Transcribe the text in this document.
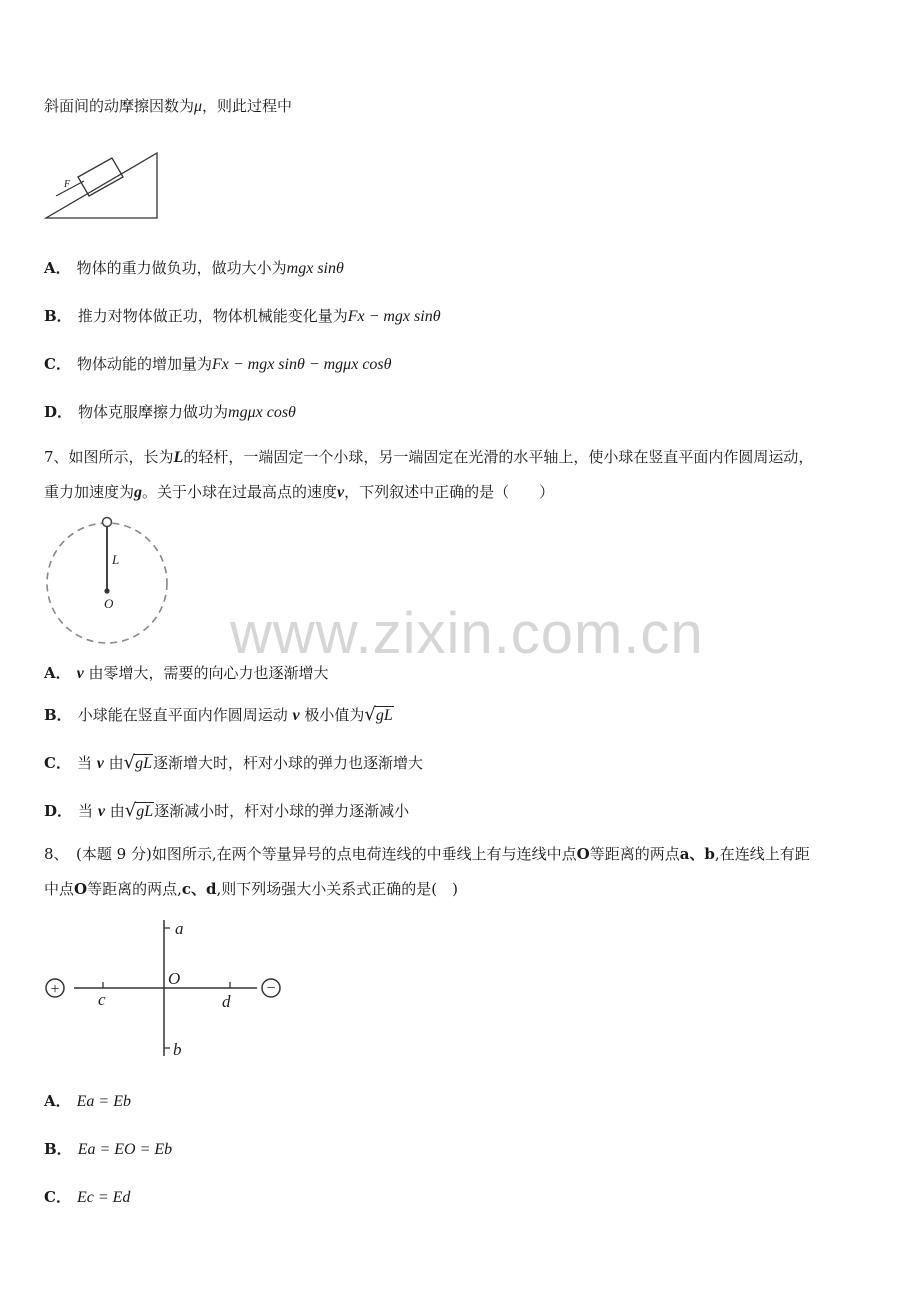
斜面间的动摩擦因数为μ，则此过程中
F
A． 物体的重力做负功，做功大小为mgx sinθ
B． 推力对物体做正功，物体机械能变化量为Fx − mgx sinθ
C． 物体动能的增加量为Fx − mgx sinθ − mgμx cosθ
D． 物体克服摩擦力做功为mgμx cosθ
7、如图所示，长为L的轻杆，一端固定一个小球，另一端固定在光滑的水平轴上，使小球在竖直平面内作圆周运动，
重力加速度为g。关于小球在过最高点的速度v，下列叙述中正确的是（　　）
L
O
A． v 由零增大，需要的向心力也逐渐增大
B． 小球能在竖直平面内作圆周运动 v 极小值为√gL
C． 当 v 由√gL逐渐增大时，杆对小球的弹力也逐渐增大
D． 当 v 由√gL逐渐减小时，杆对小球的弹力逐渐减小
www.zixin.com.cn
8、　(本题 9 分)如图所示,在两个等量异号的点电荷连线的中垂线上有与连线中点O等距离的两点a、b,在连线上有距
中点O等距离的两点,c、d,则下列场强大小关系式正确的是(　)
+	−
a
b
c	d
O
A． Ea = Eb
B． Ea = EO = Eb
C． Ec = Ed
